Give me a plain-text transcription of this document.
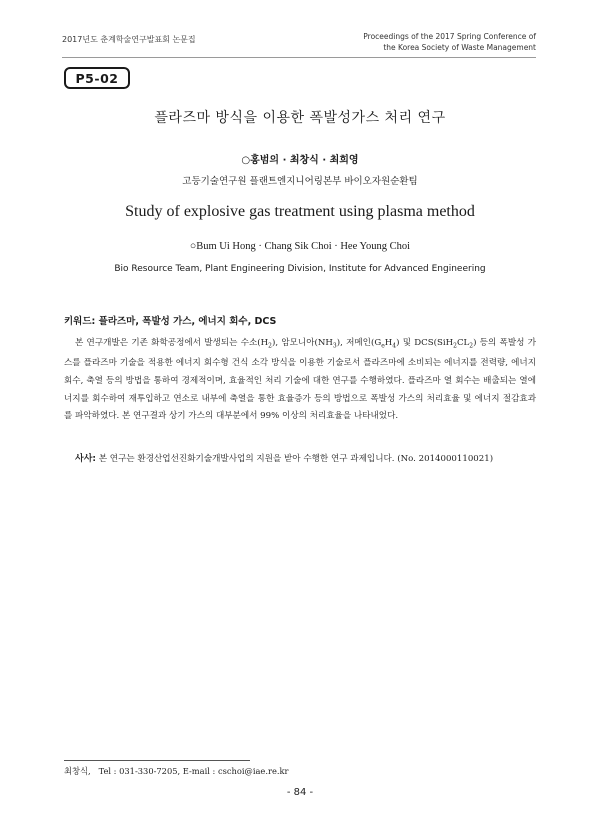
2017년도 춘계학술연구발표회 논문집	Proceedings of the 2017 Spring Conference of
the Korea Society of Waste Management
P5-02
플라즈마 방식을 이용한 폭발성가스 처리 연구
○홍범의 · 최창식 · 최희영
고등기술연구원 플랜트엔지니어링본부 바이오자원순환팀
Study of explosive gas treatment using plasma method
○Bum Ui Hong · Chang Sik Choi · Hee Young Choi
Bio Resource Team, Plant Engineering Division, Institute for Advanced Engineering
키워드: 플라즈마, 폭발성 가스, 에너지 회수, DCS

본 연구개발은 기존 화학공정에서 발생되는 수소$(H_2)$, 암모니아$(NH_3)$, 저메인$(G_eH_4)$ 및 $DCS(SiH_2CL_2)$ 등의 폭발성 가스를 플라즈마 기술을 적용한 에너지 회수형 건식 소각 방식을 이용한 기술로서 플라즈마에 소비되는 에너지를 전력량, 에너지 회수, 축열 등의 방법을 통하여 경제적이며, 효율적인 처리 기술에 대한 연구를 수행하였다. 플라즈마 열 회수는 배출되는 열에너지를 회수하여 재투입하고 연소로 내부에 축열을 통한 효율증가 등의 방법으로 폭발성 가스의 처리효율 및 에너지 절감효과를 파악하였다. 본 연구결과 상기 가스의 대부분에서 99% 이상의 처리효율을 나타내었다.

사사: 본 연구는 환경산업선진화기술개발사업의 지원을 받아 수행한 연구 과제입니다. (No. 2014000110021)
최창식,   Tel : 031-330-7205, E-mail : cschoi@iae.re.kr
- 84 -
